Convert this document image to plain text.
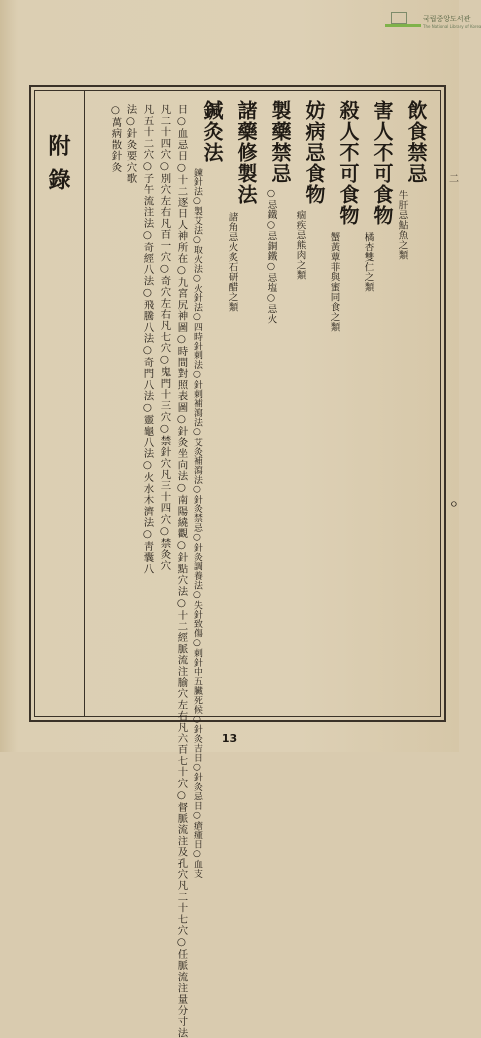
국립중앙도서관
The National Library of Korea
飲食禁忌
牛肝忌鮎魚之類
害人不可食物
橘杏雙仁之類
殺人不可食物
蟹黃蕈菲與蜜同食之類
妨病忌食物
痼疾忌熊肉之類
製藥禁忌
○忌鐵○忌銅鐵○忌塩○忌火
諸藥修製法
諸角忌火炙石研醋之類
鍼灸法
鍊針法○製艾法○取火法○火針法○四時針刺法○針刺補瀉法○艾灸補瀉法○針灸禁忌○針灸調養法○失針致傷○刺針中五臟死候○針灸吉日○針灸忌日○瘡瘇日○血支
日○血忌日○十二逐日人神所在○九宮尻神圖○時間對照表圖○針灸坐向法○南陽繞觀○針點穴法○十二經脈流注腧穴左右凡六百七十穴○督脈流注及孔穴凡二十七穴○任脈流注量分寸法
凡二十四穴○別穴左右凡百一穴○奇穴左右凡七穴○鬼門十三穴○禁針穴凡三十四穴○禁灸穴
凡五十二穴○子午流注法○奇經八法○飛騰八法○奇門八法○靈龜八法○火水木濟法○靑囊八
法○針灸要穴歌
○萬病散針灸
附錄	二
ㅇ
13
